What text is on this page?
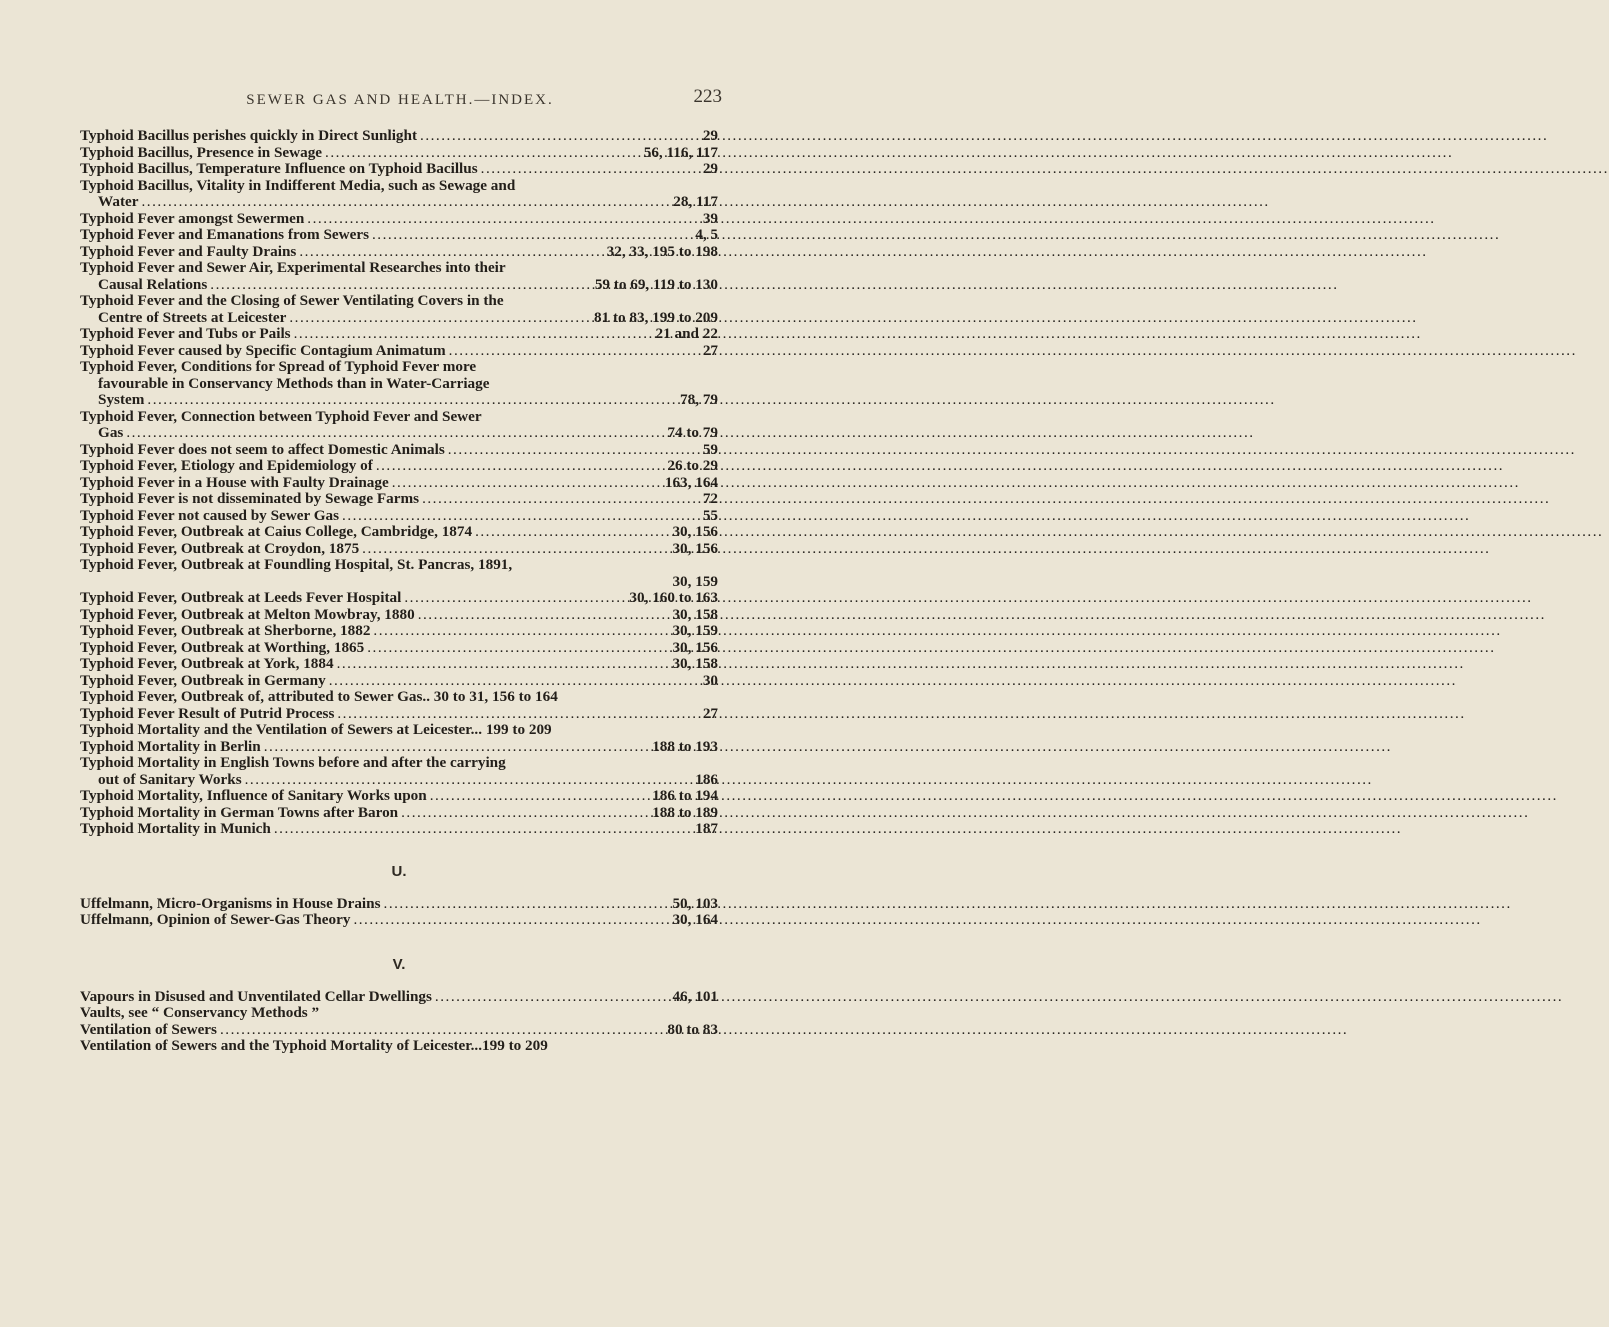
SEWER GAS AND HEALTH.—INDEX.	223
Typhoid Bacillus perishes quickly in Direct Sunlight .....	29
Typhoid Bacillus, Presence in Sewage .....	56, 116, 117
Typhoid Bacillus, Temperature Influence on Typhoid Bacillus .....	29
Typhoid Bacillus, Vitality in Indifferent Media, such as Sewage and
Water .....	28, 117
Typhoid Fever amongst Sewermen .....	39
Typhoid Fever and Emanations from Sewers .....	4, 5
Typhoid Fever and Faulty Drains .....	32, 33, 195 to 198
Typhoid Fever and Sewer Air, Experimental Researches into their
Causal Relations .....	59 to 69, 119 to 130
Typhoid Fever and the Closing of Sewer Ventilating Covers in the
Centre of Streets at Leicester .....	81 to 83, 199 to 209
Typhoid Fever and Tubs or Pails .....	21 and 22
Typhoid Fever caused by Specific Contagium Animatum .....	27
Typhoid Fever, Conditions for Spread of Typhoid Fever more
favourable in Conservancy Methods than in Water-Carriage
System .....	78, 79
Typhoid Fever, Connection between Typhoid Fever and Sewer
Gas .....	74 to 79
Typhoid Fever does not seem to affect Domestic Animals .....	59
Typhoid Fever, Etiology and Epidemiology of .....	26 to 29
Typhoid Fever in a House with Faulty Drainage .....	163, 164
Typhoid Fever is not disseminated by Sewage Farms .....	72
Typhoid Fever not caused by Sewer Gas .....	55
Typhoid Fever, Outbreak at Caius College, Cambridge, 1874 .....	30, 156
Typhoid Fever, Outbreak at Croydon, 1875 .....	30, 156
Typhoid Fever, Outbreak at Foundling Hospital, St. Pancras, 1891,
30, 159
Typhoid Fever, Outbreak at Leeds Fever Hospital .....	30, 160 to 163
Typhoid Fever, Outbreak at Melton Mowbray, 1880 .....	30, 158
Typhoid Fever, Outbreak at Sherborne, 1882 .....	30, 159
Typhoid Fever, Outbreak at Worthing, 1865 .....	30, 156
Typhoid Fever, Outbreak at York, 1884 .....	30, 158
Typhoid Fever, Outbreak in Germany .....	30
Typhoid Fever, Outbreak of, attributed to Sewer Gas.. 30 to 31, 156 to 164
Typhoid Fever Result of Putrid Process .....	27
Typhoid Mortality and the Ventilation of Sewers at Leicester... 199 to 209
Typhoid Mortality in Berlin .....	188 to 193
Typhoid Mortality in English Towns before and after the carrying
out of Sanitary Works .....	186
Typhoid Mortality, Influence of Sanitary Works upon .....	186 to 194
Typhoid Mortality in German Towns after Baron .....	188 to 189
Typhoid Mortality in Munich .....	187
U.
Uffelmann, Micro-Organisms in House Drains .....	50, 103
Uffelmann, Opinion of Sewer-Gas Theory .....	30, 164
V.
Vapours in Disused and Unventilated Cellar Dwellings .....	46, 101
Vaults, see “ Conservancy Methods ”
Ventilation of Sewers .....	80 to 83
Ventilation of Sewers and the Typhoid Mortality of Leicester...199 to 209
